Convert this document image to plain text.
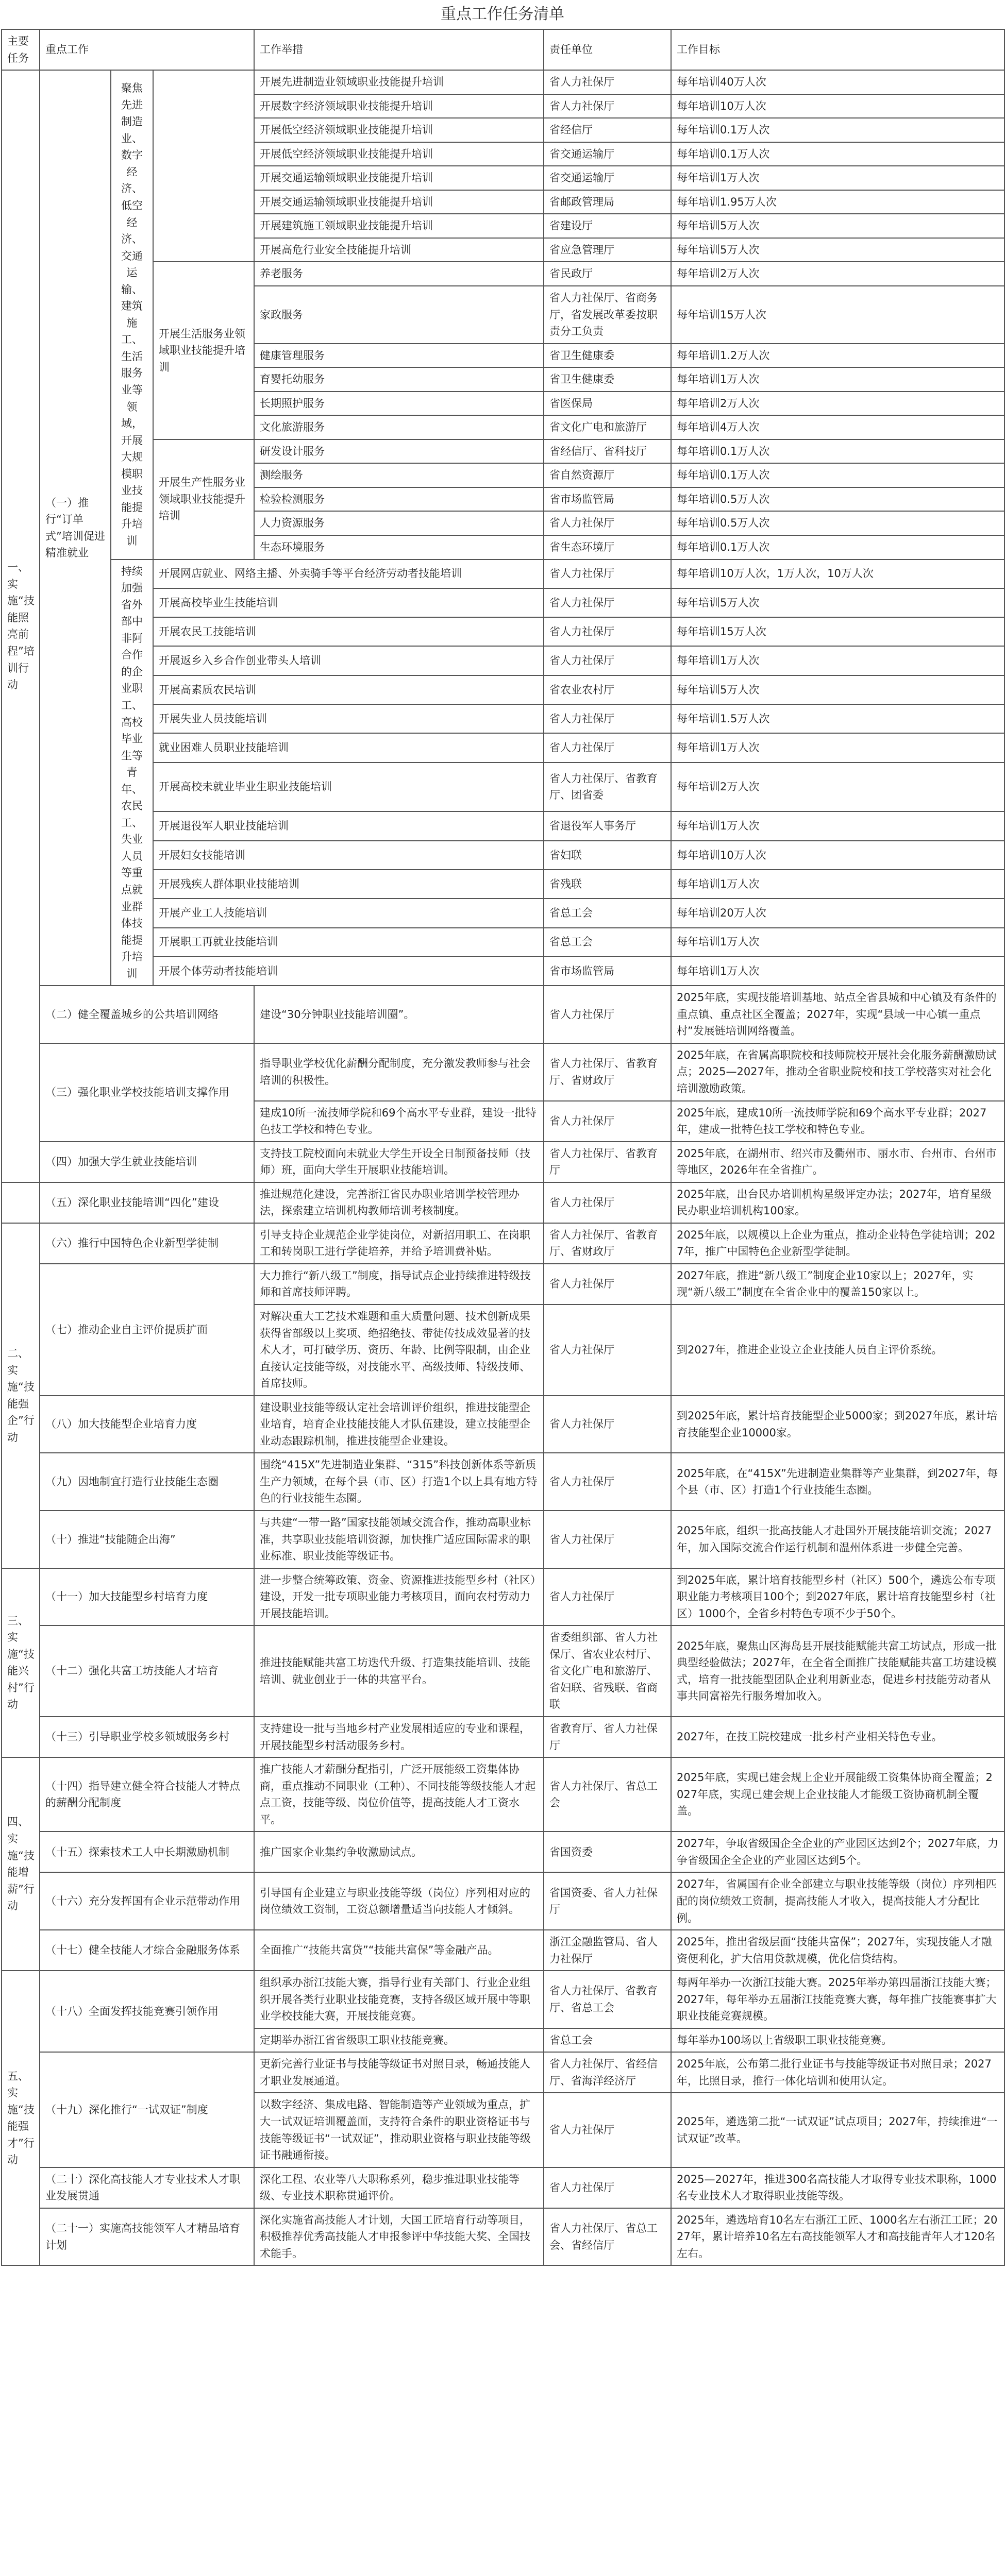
重点工作任务清单
主要任务	重点工作			工作举措	责任单位	工作目标
一、实施“技能照亮前程”培训行动	（一）推行“订单式”培训促进精准就业	聚焦先进制造业、数字经济、低空经济、交通运输、建筑施工、生活服务业等领域，开展大规模职业技能提升培训		开展先进制造业领域职业技能提升培训	省人力社保厅	每年培训40万人次
				开展数字经济领域职业技能提升培训	省人力社保厅	每年培训10万人次
				开展低空经济领域职业技能提升培训	省经信厅	每年培训0.1万人次
				开展低空经济领域职业技能提升培训	省交通运输厅	每年培训0.1万人次
				开展交通运输领域职业技能提升培训	省交通运输厅	每年培训1万人次
				开展交通运输领域职业技能提升培训	省邮政管理局	每年培训1.95万人次
				开展建筑施工领域职业技能提升培训	省建设厅	每年培训5万人次
				开展高危行业安全技能提升培训	省应急管理厅	每年培训5万人次
			开展生活服务业领域职业技能提升培训	养老服务	省民政厅	每年培训2万人次
				家政服务	省人力社保厅、省商务厅，省发展改革委按职责分工负责	每年培训15万人次
				健康管理服务	省卫生健康委	每年培训1.2万人次
				育婴托幼服务	省卫生健康委	每年培训1万人次
				长期照护服务	省医保局	每年培训2万人次
				文化旅游服务	省文化广电和旅游厅	每年培训4万人次
			开展生产性服务业领域职业技能提升培训	研发设计服务	省经信厅、省科技厅	每年培训0.1万人次
				测绘服务	省自然资源厅	每年培训0.1万人次
				检验检测服务	省市场监管局	每年培训0.5万人次
				人力资源服务	省人力社保厅	每年培训0.5万人次
				生态环境服务	省生态环境厅	每年培训0.1万人次
		持续加强省外部中非阿合作的企业职工、高校毕业生等青年、农民工、失业人员等重点就业群体技能提升培训	开展网店就业、网络主播、外卖骑手等平台经济劳动者技能培训		省人力社保厅	每年培训10万人次，1万人次，10万人次
			开展高校毕业生技能培训		省人力社保厅	每年培训5万人次
			开展农民工技能培训		省人力社保厅	每年培训15万人次
			开展返乡入乡合作创业带头人培训		省人力社保厅	每年培训1万人次
			开展高素质农民培训		省农业农村厅	每年培训5万人次
			开展失业人员技能培训		省人力社保厅	每年培训1.5万人次
			就业困难人员职业技能培训		省人力社保厅	每年培训1万人次
			开展高校未就业毕业生职业技能培训		省人力社保厅、省教育厅、团省委	每年培训2万人次
			开展退役军人职业技能培训		省退役军人事务厅	每年培训1万人次
			开展妇女技能培训		省妇联	每年培训10万人次
			开展残疾人群体职业技能培训		省残联	每年培训1万人次
			开展产业工人技能培训		省总工会	每年培训20万人次
			开展职工再就业技能培训		省总工会	每年培训1万人次
			开展个体劳动者技能培训		省市场监管局	每年培训1万人次
	（二）健全覆盖城乡的公共培训网络			建设“30分钟职业技能培训圈”。	省人力社保厅	2025年底，实现技能培训基地、站点全省县城和中心镇及有条件的重点镇、重点社区全覆盖；2027年，实现“县域一中心镇一重点村”发展链培训网络覆盖。
	（三）强化职业学校技能培训支撑作用			指导职业学校优化薪酬分配制度，充分激发教师参与社会培训的积极性。	省人力社保厅、省教育厅、省财政厅	2025年底，在省属高职院校和技师院校开展社会化服务薪酬激励试点；2025—2027年，推动全省职业院校和技工学校落实对社会化培训激励政策。
				建成10所一流技师学院和69个高水平专业群，建设一批特色技工学校和特色专业。	省人力社保厅	2025年底，建成10所一流技师学院和69个高水平专业群；2027年，建成一批特色技工学校和特色专业。
	（四）加强大学生就业技能培训			支持技工院校面向未就业大学生开设全日制预备技师（技师）班，面向大学生开展职业技能培训。	省人力社保厅、省教育厅	2025年底，在湖州市、绍兴市及衢州市、丽水市、台州市、台州市等地区，2026年在全省推广。
	（五）深化职业技能培训“四化”建设			推进规范化建设，完善浙江省民办职业培训学校管理办法，探索建立培训机构教师培训考核制度。	省人力社保厅	2025年底，出台民办培训机构星级评定办法；2027年，培育星级民办职业培训机构100家。
二、实施“技能强企”行动	（六）推行中国特色企业新型学徒制			引导支持企业规范企业学徒岗位，对新招用职工、在岗职工和转岗职工进行学徒培养，并给予培训费补贴。	省人力社保厅、省教育厅、省财政厅	2025年底，以规模以上企业为重点，推动企业特色学徒培训；2027年，推广中国特色企业新型学徒制。
	（七）推动企业自主评价提质扩面			大力推行“新八级工”制度，指导试点企业持续推进特级技师和首席技师评聘。	省人力社保厅	2027年底，推进“新八级工”制度企业10家以上；2027年，实现“新八级工”制度在全省企业中的覆盖150家以上。
				对解决重大工艺技术难题和重大质量问题、技术创新成果获得省部级以上奖项、绝招绝技、带徒传技成效显著的技术人才，可打破学历、资历、年龄、比例等限制，由企业直接认定技能等级，对技能水平、高级技师、特级技师、首席技师。	省人力社保厅	到2027年，推进企业设立企业技能人员自主评价系统。
	（八）加大技能型企业培育力度			建设职业技能等级认定社会培训评价组织，推进技能型企业培育，培育企业技能技能人才队伍建设，建立技能型企业动态跟踪机制，推进技能型企业建设。	省人力社保厅	到2025年底，累计培育技能型企业5000家；到2027年底，累计培育技能型企业10000家。
	（九）因地制宜打造行业技能生态圈			围绕“415X”先进制造业集群、“315”科技创新体系等新质生产力领域，在每个县（市、区）打造1个以上具有地方特色的行业技能生态圈。	省人力社保厅	2025年底，在“415X”先进制造业集群等产业集群，到2027年，每个县（市、区）打造1个行业技能生态圈。
	（十）推进“技能随企出海”			与共建“一带一路”国家技能领域交流合作，推动高职业标准，共享职业技能培训资源，加快推广适应国际需求的职业标准、职业技能等级证书。	省人力社保厅	2025年底，组织一批高技能人才赴国外开展技能培训交流；2027年，加入国际交流合作运行机制和温州体系进一步健全完善。
三、实施“技能兴村”行动	（十一）加大技能型乡村培育力度			进一步整合统筹政策、资金、资源推进技能型乡村（社区）建设，开发一批专项职业能力考核项目，面向农村劳动力开展技能培训。	省人力社保厅	到2025年底，累计培育技能型乡村（社区）500个，遴选公布专项职业能力考核项目100个；到2027年底，累计培育技能型乡村（社区）1000个，全省乡村特色专项不少于50个。
	（十二）强化共富工坊技能人才培育			推进技能赋能共富工坊迭代升级、打造集技能培训、技能培训、就业创业于一体的共富平台。	省委组织部、省人力社保厅、省农业农村厅、省文化广电和旅游厅、省妇联、省残联、省商联	2025年底，聚焦山区海岛县开展技能赋能共富工坊试点，形成一批典型经验做法；2027年，在全省全面推广技能赋能共富工坊建设模式，培育一批技能型团队企业利用新业态，促进乡村技能劳动者从事共同富裕先行服务增加收入。
	（十三）引导职业学校多领域服务乡村			支持建设一批与当地乡村产业发展相适应的专业和课程，开展技能型乡村活动服务乡村。	省教育厅、省人力社保厅	2027年，在技工院校建成一批乡村产业相关特色专业。
四、实施“技能增薪”行动	（十四）指导建立健全符合技能人才特点的薪酬分配制度			推广技能人才薪酬分配指引，广泛开展能级工资集体协商，重点推动不同职业（工种）、不同技能等级技能人才起点工资，技能等级、岗位价值等，提高技能人才工资水平。	省人力社保厅、省总工会	2025年底，实现已建会规上企业开展能级工资集体协商全覆盖；2027年底，实现已建会规上企业技能人才能级工资协商机制全覆盖。
	（十五）探索技术工人中长期激励机制			推广国家企业集约争收激励试点。	省国资委	2027年，争取省级国企全企业的产业园区达到2个；2027年底，力争省级国企全企业的产业园区达到5个。
	（十六）充分发挥国有企业示范带动作用			引导国有企业建立与职业技能等级（岗位）序列相对应的岗位绩效工资制，工资总额增量适当向技能人才倾斜。	省国资委、省人力社保厅	2027年，省属国有企业全部建立与职业技能等级（岗位）序列相匹配的岗位绩效工资制，提高技能人才收入，提高技能人才分配比例。
	（十七）健全技能人才综合金融服务体系			全面推广“技能共富贷”“技能共富保”等金融产品。	浙江金融监管局、省人力社保厅	2025年，推出省级层面“技能共富保”；2027年，实现技能人才融资便利化，扩大信用贷款规模，优化信贷结构。
五、实施“技能强才”行动	（十八）全面发挥技能竞赛引领作用			组织承办浙江技能大赛，指导行业有关部门、行业企业组织开展各类行业职业技能竞赛，支持各级区域开展中等职业学校技能大赛，开展技能竞赛。	省人力社保厅、省教育厅、省总工会	每两年举办一次浙江技能大赛。2025年举办第四届浙江技能大赛；2027年，每年举办五届浙江技能竞赛大赛，每年推广技能赛事扩大职业技能竞赛规模。
				定期举办浙江省省级职工职业技能竞赛。	省总工会	每年举办100场以上省级职工职业技能竞赛。
	（十九）深化推行“一试双证”制度			更新完善行业证书与技能等级证书对照目录，畅通技能人才职业发展通道。	省人力社保厅、省经信厅、省海洋经济厅	2025年底，公布第二批行业证书与技能等级证书对照目录；2027年，比照目录，推行一体化培训和使用认定。
				以数字经济、集成电路、智能制造等产业领域为重点，扩大一试双证培训覆盖面，支持符合条件的职业资格证书与技能等级证书“一试双证”，推动职业资格与职业技能等级证书融通衔接。	省人力社保厅	2025年，遴选第二批“一试双证”试点项目；2027年，持续推进“一试双证”改革。
	（二十）深化高技能人才专业技术人才职业发展贯通			深化工程、农业等八大职称系列，稳步推进职业技能等级、专业技术职称贯通评价。	省人力社保厅	2025—2027年，推进300名高技能人才取得专业技术职称，1000名专业技术人才取得职业技能等级。
	（二十一）实施高技能领军人才精品培育计划			深化实施省高技能人才计划，大国工匠培育行动等项目，积极推荐优秀高技能人才申报参评中华技能大奖、全国技术能手。	省人力社保厅、省总工会、省经信厅	2025年，遴选培育10名左右浙江工匠、1000名左右浙江工匠；2027年，累计培养10名左右高技能领军人才和高技能青年人才120名左右。
